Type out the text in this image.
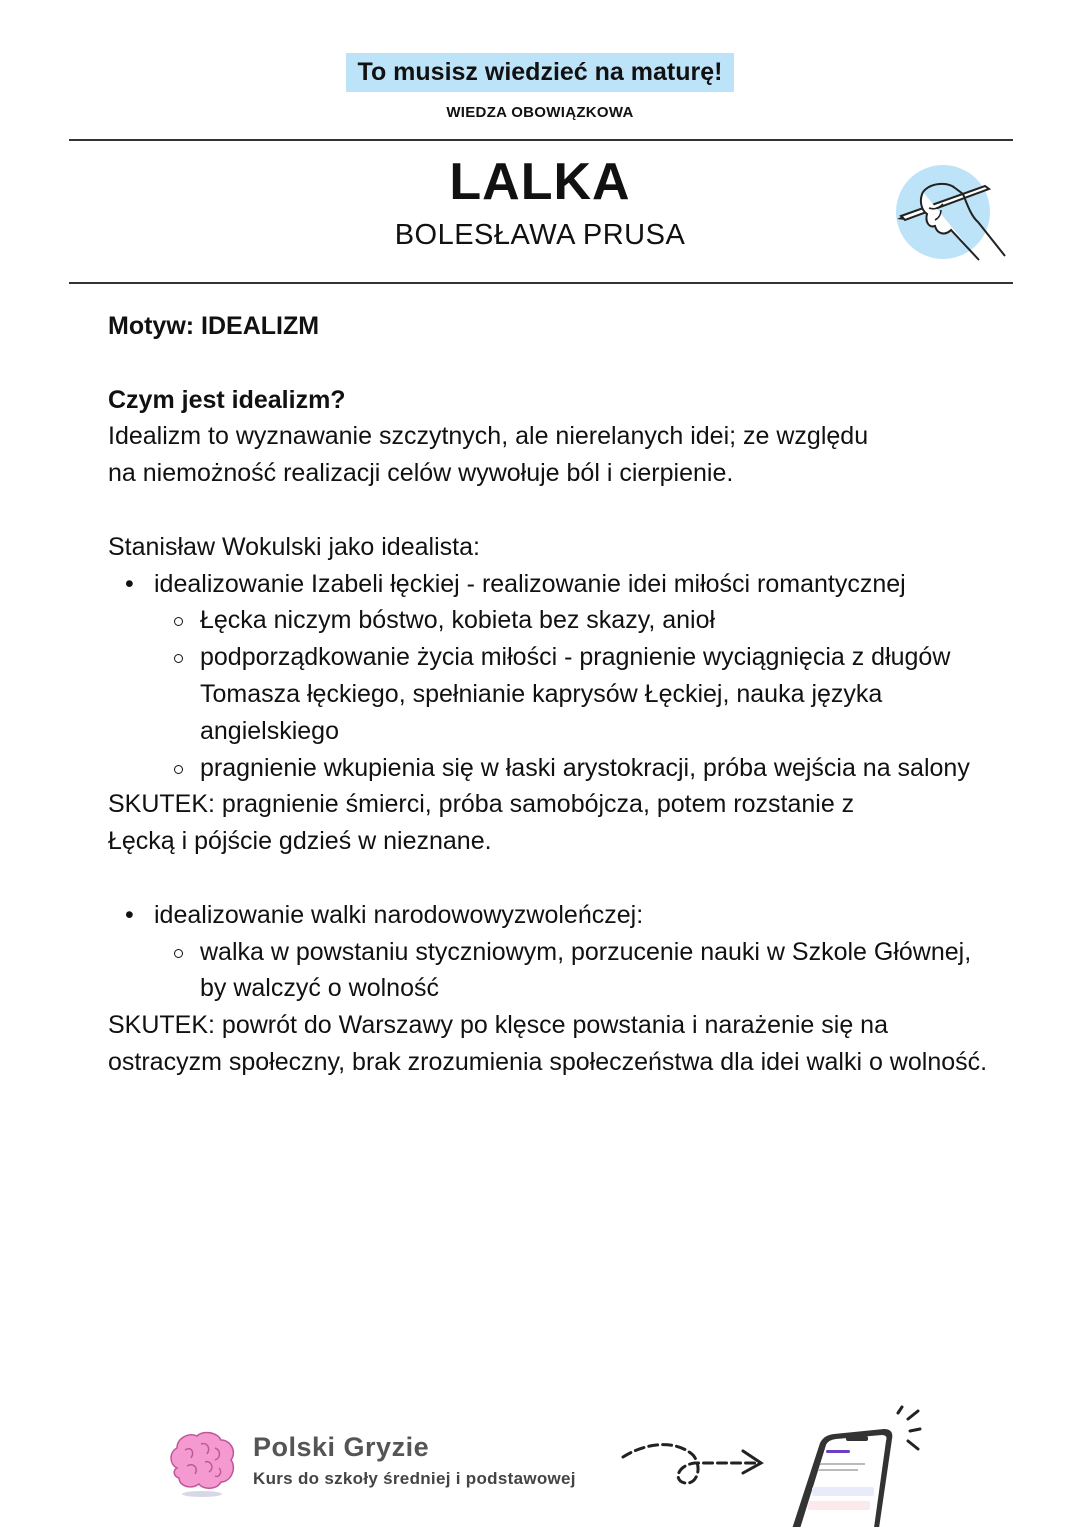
To musisz wiedzieć na maturę!
WIEDZA OBOWIĄZKOWA
LALKA
BOLESŁAWA PRUSA

Motyw: IDEALIZM

Czym jest idealizm?

Idealizm to wyznawanie szczytnych, ale nierelanych idei; ze względu

na niemożność realizacji celów wywołuje ból i cierpienie.

Stanisław Wokulski jako idealista:

• idealizowanie Izabeli łęckiej - realizowanie idei miłości romantycznej
Łęcka niczym bóstwo, kobieta bez skazy, anioł
podporządkowanie życia miłości - pragnienie wyciągnięcia z długów Tomasza łęckiego, spełnianie kaprysów Łęckiej, nauka języka angielskiego
pragnienie wkupienia się w łaski arystokracji, próba wejścia na salony

SKUTEK: pragnienie śmierci, próba samobójcza, potem rozstanie z Łęcką i pójście gdzieś w nieznane.

• idealizowanie walki narodowowyzwoleńczej:
walka w powstaniu styczniowym, porzucenie nauki w Szkole Głównej, by walczyć o wolność

SKUTEK: powrót do Warszawy po klęsce powstania i narażenie się na ostracyzm społeczny, brak zrozumienia społeczeństwa dla idei walki o wolność.

Polski Gryzie
Kurs do szkoły średniej i podstawowej
